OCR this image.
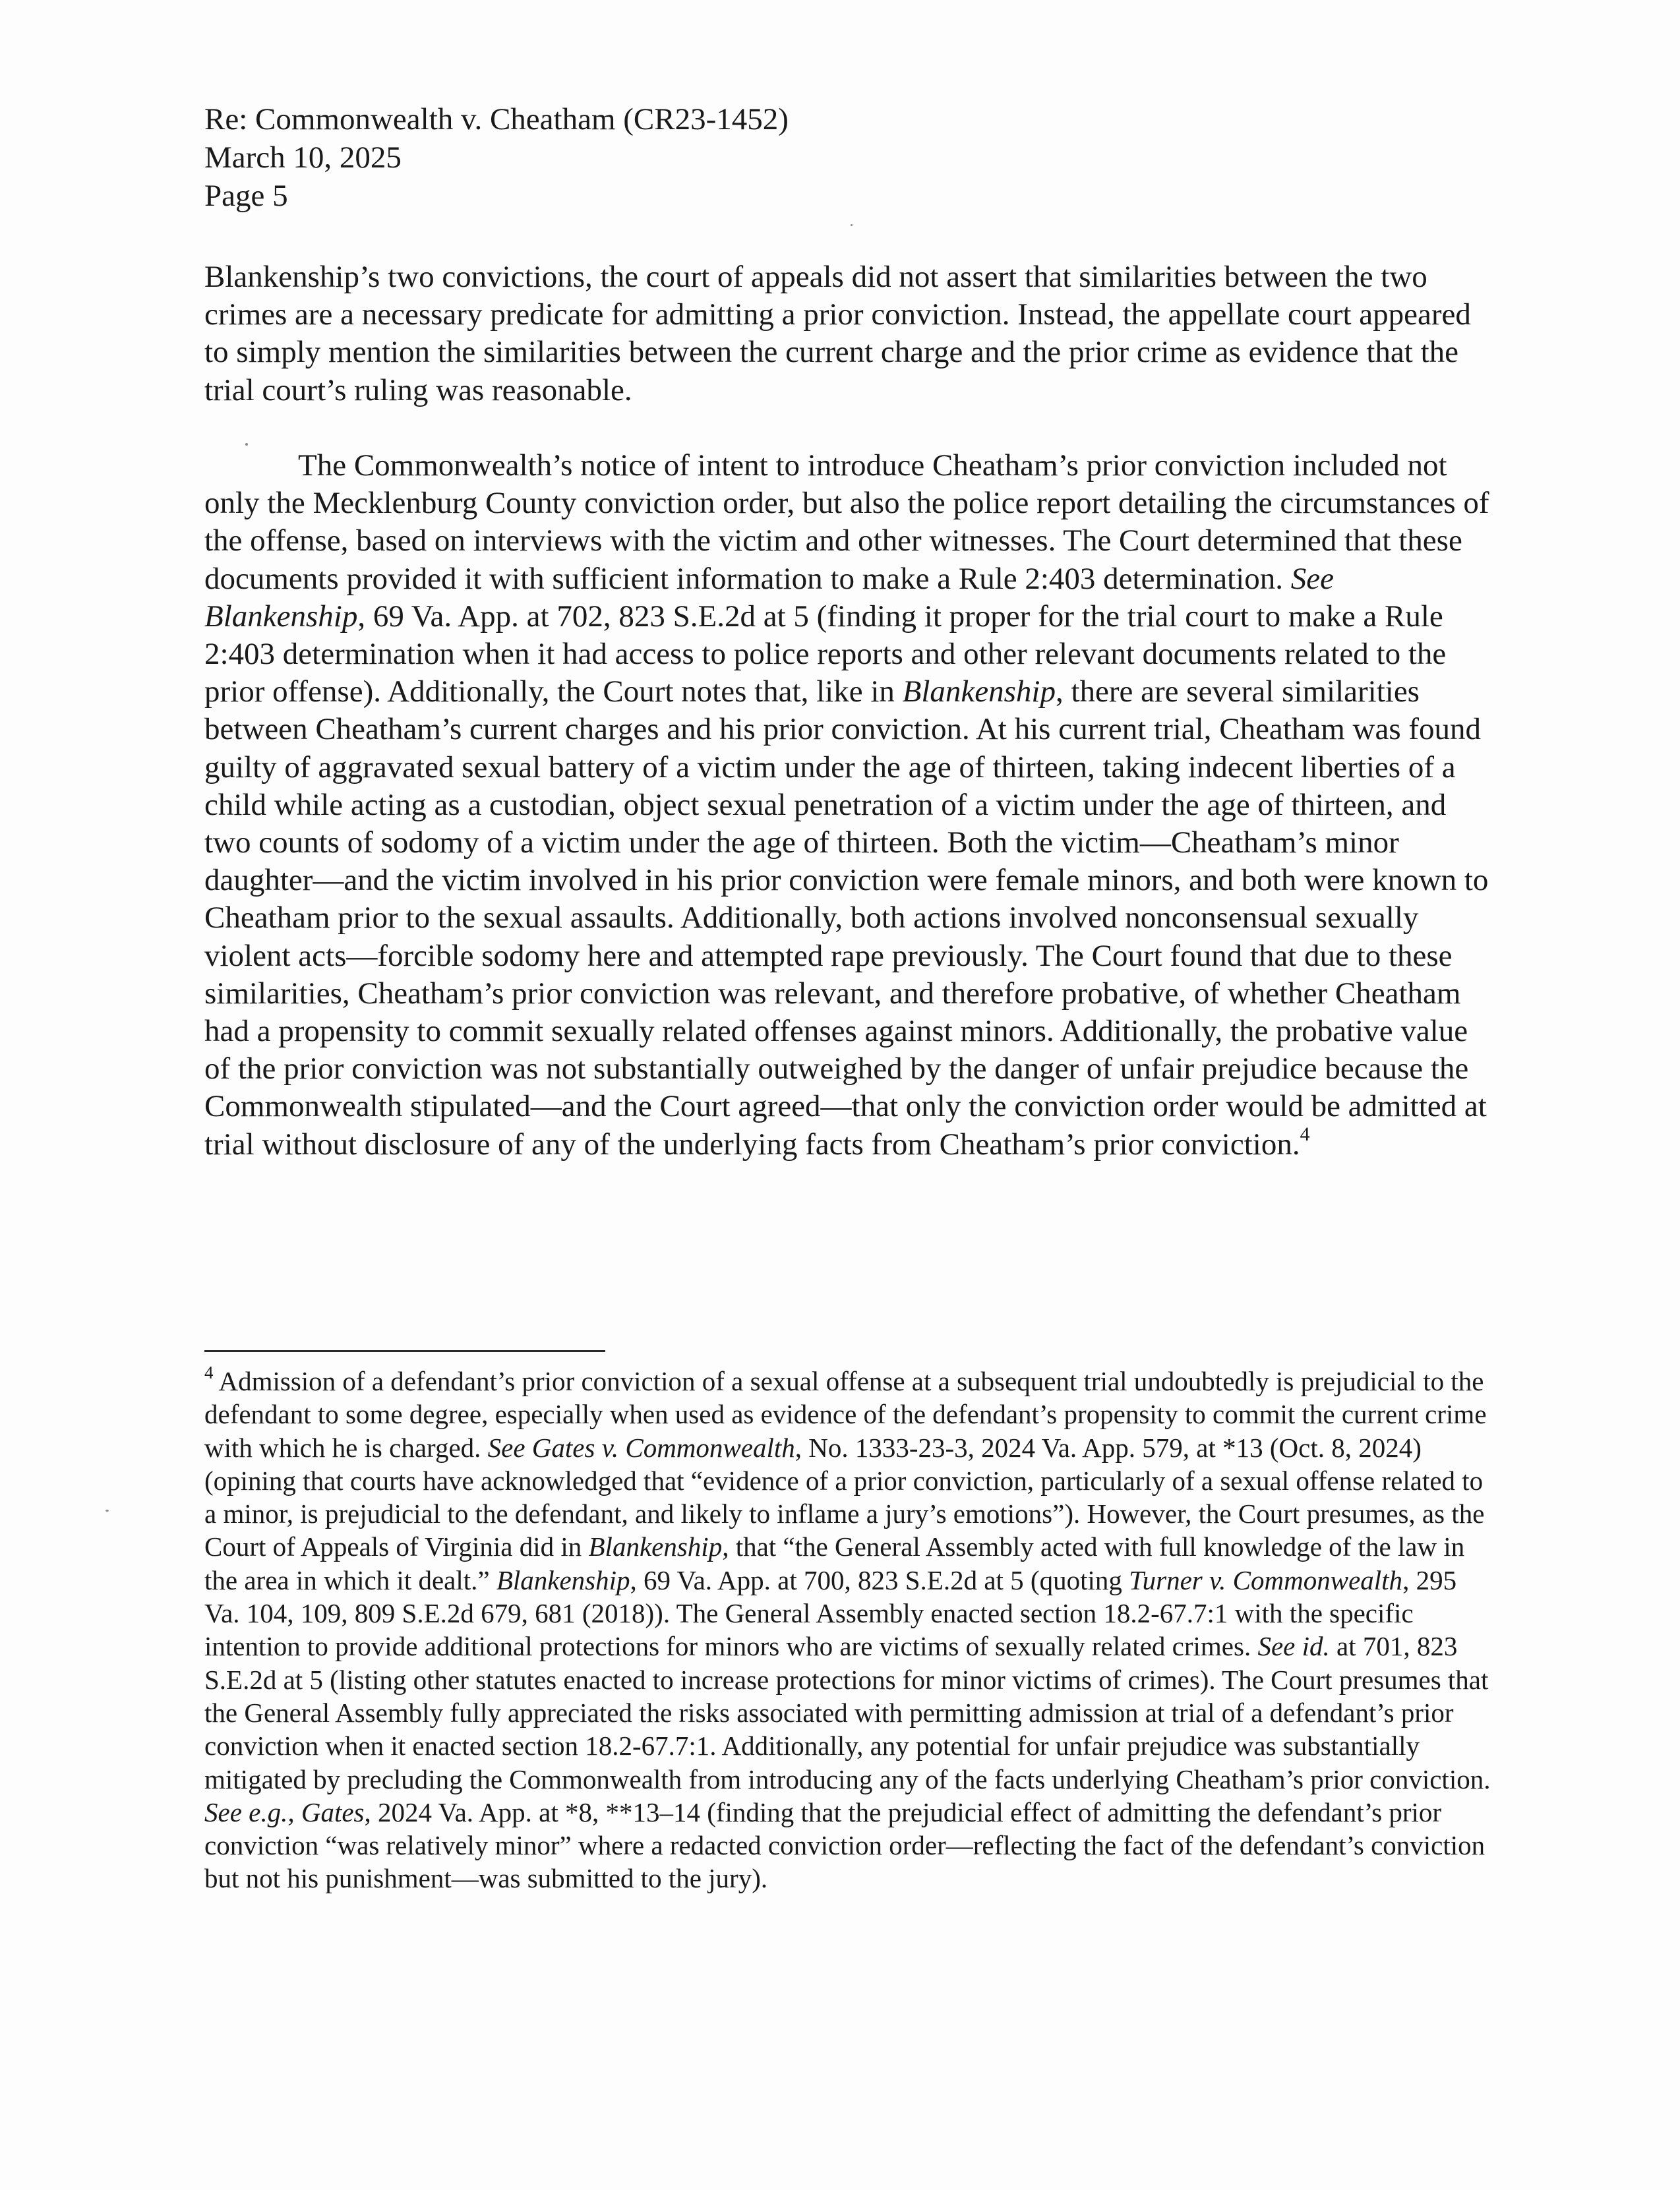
Re: Commonwealth v. Cheatham (CR23-1452)
March 10, 2025
Page 5

Blankenship’s two convictions, the court of appeals did not assert that similarities between the two crimes are a necessary predicate for admitting a prior conviction. Instead, the appellate court appeared to simply mention the similarities between the current charge and the prior crime as evidence that the trial court’s ruling was reasonable.

The Commonwealth’s notice of intent to introduce Cheatham’s prior conviction included not only the Mecklenburg County conviction order, but also the police report detailing the circumstances of the offense, based on interviews with the victim and other witnesses. The Court determined that these documents provided it with sufficient information to make a Rule 2:403 determination. See Blankenship, 69 Va. App. at 702, 823 S.E.2d at 5 (finding it proper for the trial court to make a Rule 2:403 determination when it had access to police reports and other relevant documents related to the prior offense). Additionally, the Court notes that, like in Blankenship, there are several similarities between Cheatham’s current charges and his prior conviction. At his current trial, Cheatham was found guilty of aggravated sexual battery of a victim under the age of thirteen, taking indecent liberties of a child while acting as a custodian, object sexual penetration of a victim under the age of thirteen, and two counts of sodomy of a victim under the age of thirteen. Both the victim—Cheatham’s minor daughter—and the victim involved in his prior conviction were female minors, and both were known to Cheatham prior to the sexual assaults. Additionally, both actions involved nonconsensual sexually violent acts—forcible sodomy here and attempted rape previously. The Court found that due to these similarities, Cheatham’s prior conviction was relevant, and therefore probative, of whether Cheatham had a propensity to commit sexually related offenses against minors. Additionally, the probative value of the prior conviction was not substantially outweighed by the danger of unfair prejudice because the Commonwealth stipulated—and the Court agreed—that only the conviction order would be admitted at trial without disclosure of any of the underlying facts from Cheatham’s prior conviction.$^4$

$^4$ Admission of a defendant’s prior conviction of a sexual offense at a subsequent trial undoubtedly is prejudicial to the defendant to some degree, especially when used as evidence of the defendant’s propensity to commit the current crime with which he is charged. See Gates v. Commonwealth, No. 1333-23-3, 2024 Va. App. 579, at *13 (Oct. 8, 2024) (opining that courts have acknowledged that “evidence of a prior conviction, particularly of a sexual offense related to a minor, is prejudicial to the defendant, and likely to inflame a jury’s emotions”). However, the Court presumes, as the Court of Appeals of Virginia did in Blankenship, that “the General Assembly acted with full knowledge of the law in the area in which it dealt.” Blankenship, 69 Va. App. at 700, 823 S.E.2d at 5 (quoting Turner v. Commonwealth, 295 Va. 104, 109, 809 S.E.2d 679, 681 (2018)). The General Assembly enacted section 18.2-67.7:1 with the specific intention to provide additional protections for minors who are victims of sexually related crimes. See id. at 701, 823 S.E.2d at 5 (listing other statutes enacted to increase protections for minor victims of crimes). The Court presumes that the General Assembly fully appreciated the risks associated with permitting admission at trial of a defendant’s prior conviction when it enacted section 18.2-67.7:1. Additionally, any potential for unfair prejudice was substantially mitigated by precluding the Commonwealth from introducing any of the facts underlying Cheatham’s prior conviction. See e.g., Gates, 2024 Va. App. at *8, **13–14 (finding that the prejudicial effect of admitting the defendant’s prior conviction “was relatively minor” where a redacted conviction order—reflecting the fact of the defendant’s conviction but not his punishment—was submitted to the jury).
